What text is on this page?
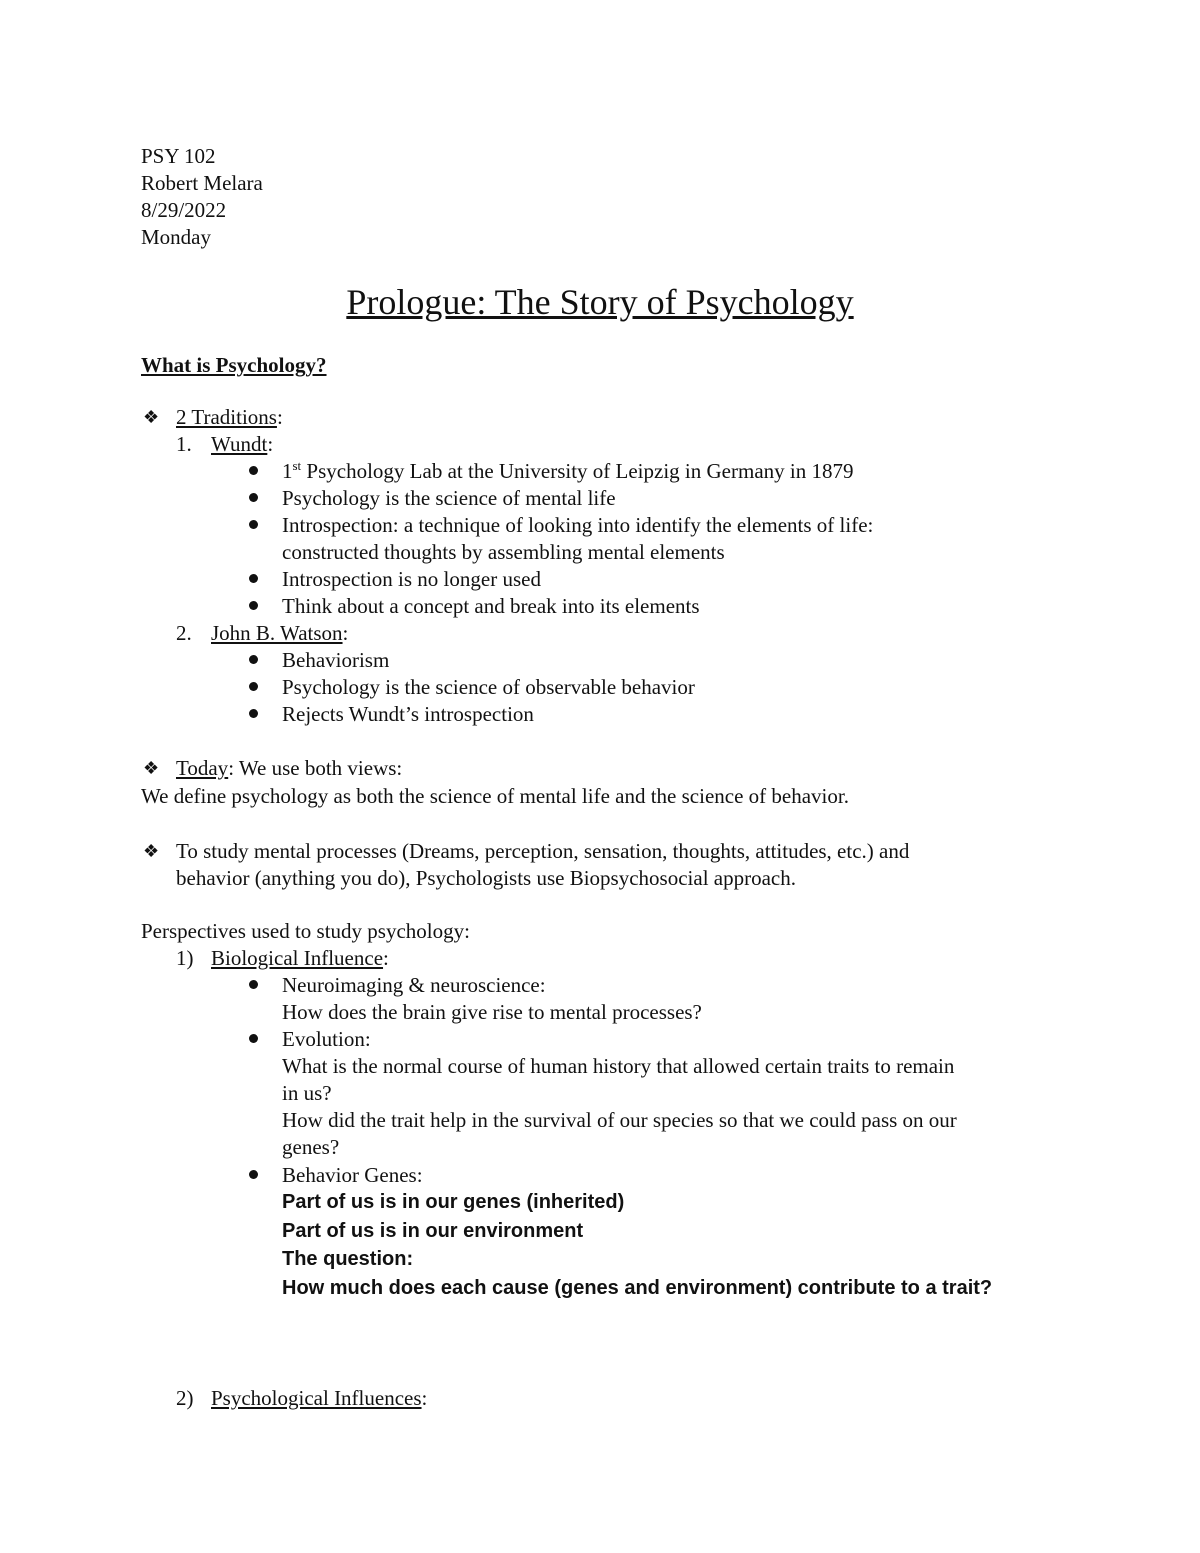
PSY 102
Robert Melara
8/29/2022
Monday
Prologue: The Story of Psychology
What is Psychology?
❖ 2 Traditions:
1. Wundt:
1st Psychology Lab at the University of Leipzig in Germany in 1879
Psychology is the science of mental life
Introspection: a technique of looking into identify the elements of life:
constructed thoughts by assembling mental elements
Introspection is no longer used
Think about a concept and break into its elements
2. John B. Watson:
Behaviorism
Psychology is the science of observable behavior
Rejects Wundt’s introspection
❖ Today: We use both views:
We define psychology as both the science of mental life and the science of behavior.
❖ To study mental processes (Dreams, perception, sensation, thoughts, attitudes, etc.) and
behavior (anything you do), Psychologists use Biopsychosocial approach.
Perspectives used to study psychology:
1) Biological Influence:
Neuroimaging & neuroscience:
How does the brain give rise to mental processes?
Evolution:
What is the normal course of human history that allowed certain traits to remain
in us?
How did the trait help in the survival of our species so that we could pass on our
genes?
Behavior Genes:
Part of us is in our genes (inherited)
Part of us is in our environment
The question:
How much does each cause (genes and environment) contribute to a trait?
2) Psychological Influences:
